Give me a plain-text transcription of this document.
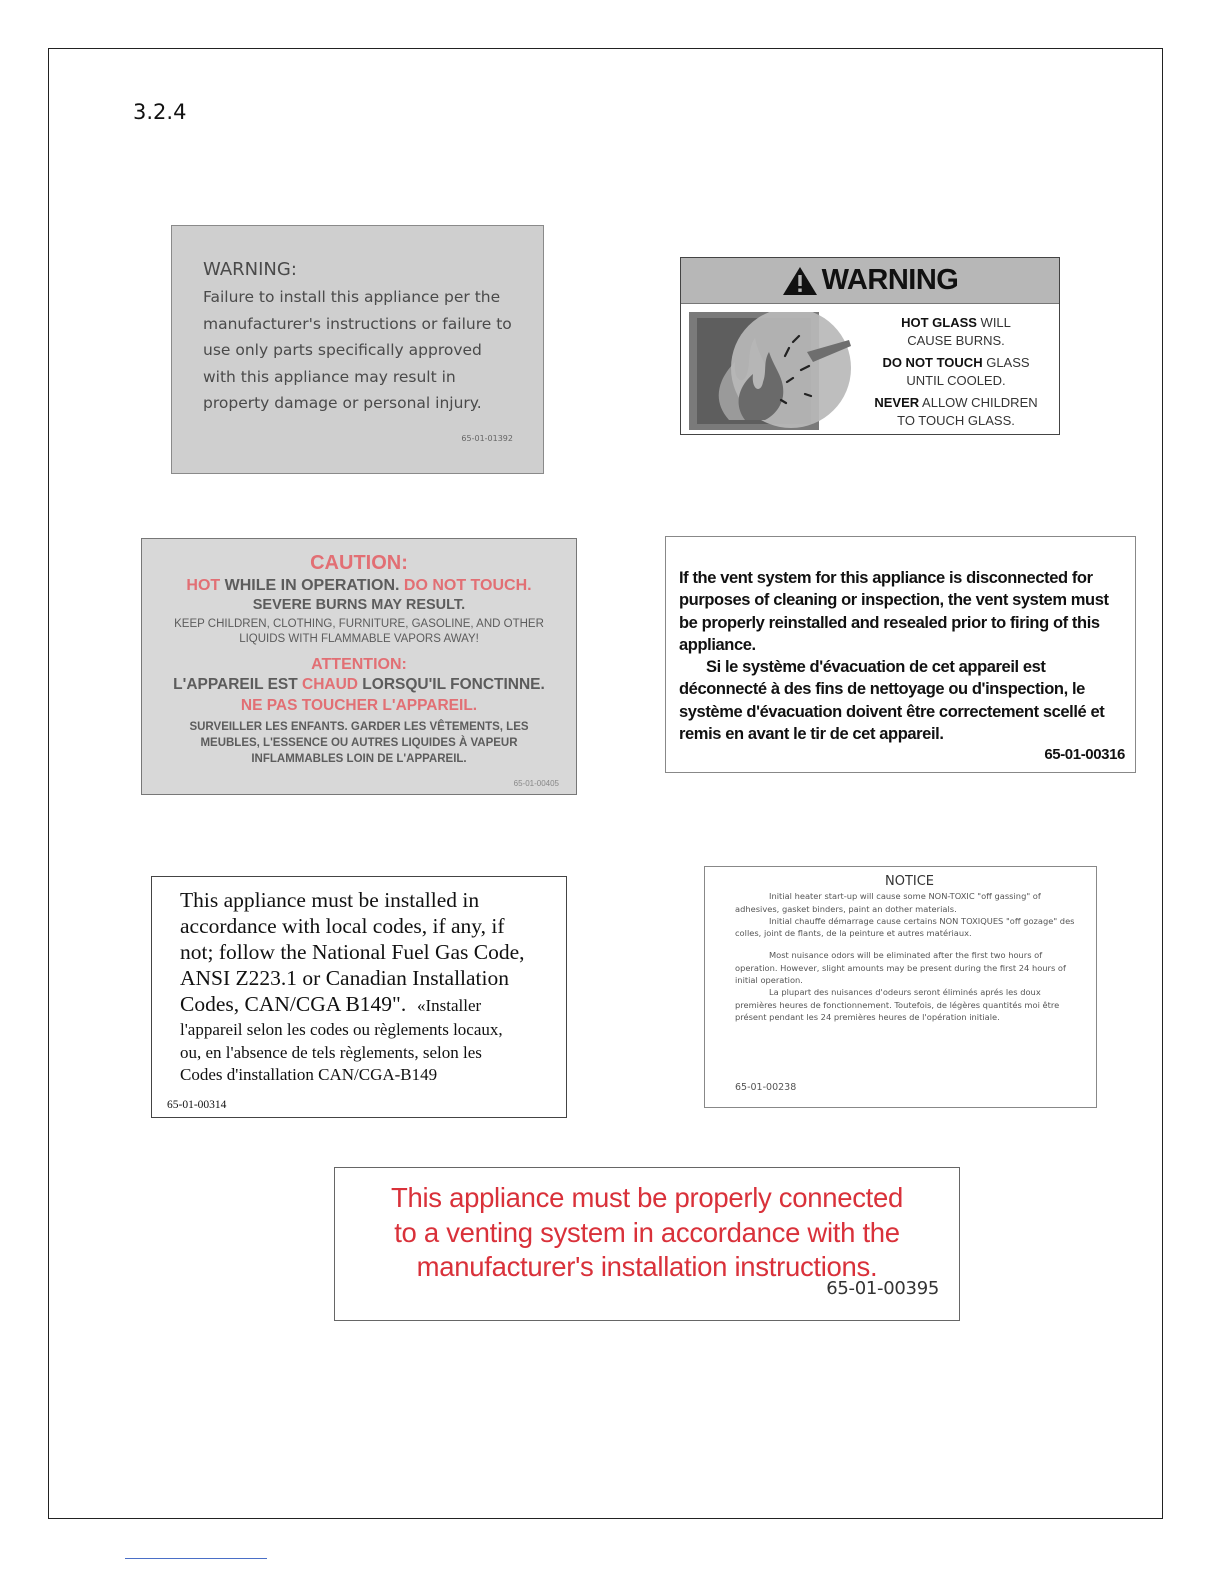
3.2.4
WARNING:
Failure to install this appliance per the
manufacturer's instructions or failure to
use only parts specifically approved
with this appliance may result in
property damage or personal injury.
65-01-01392
WARNING
HOT GLASS WILL
CAUSE BURNS.
DO NOT TOUCH GLASS
UNTIL COOLED.
NEVER ALLOW CHILDREN
TO TOUCH GLASS.
CAUTION:
HOT WHILE IN OPERATION. DO NOT TOUCH.
SEVERE BURNS MAY RESULT.
KEEP CHILDREN, CLOTHING, FURNITURE, GASOLINE, AND OTHER
LIQUIDS WITH FLAMMABLE VAPORS AWAY!
ATTENTION:
L'APPAREIL EST CHAUD LORSQU'IL FONCTINNE.
NE PAS TOUCHER L'APPAREIL.
SURVEILLER LES ENFANTS. GARDER LES VÊTEMENTS, LES
MEUBLES, L'ESSENCE OU AUTRES LIQUIDES À VAPEUR
INFLAMMABLES LOIN DE L'APPAREIL.
65-01-00405
If the vent system for this appliance is disconnected for purposes of cleaning or inspection, the vent system must be properly reinstalled and resealed prior to firing of this appliance.
Si le système d'évacuation de cet appareil est déconnecté à des fins de nettoyage ou d'inspection, le système d'évacuation doivent être correctement scellé et remis en avant le tir de cet appareil.
65-01-00316
This appliance must be installed in
accordance with local codes, if any, if
not; follow the National Fuel Gas Code,
ANSI Z223.1 or Canadian Installation
Codes, CAN/CGA B149". «Installer
l'appareil selon les codes ou règlements locaux,
ou, en l'absence de tels règlements, selon les
Codes d'installation CAN/CGA-B149
65-01-00314
NOTICE
Initial heater start-up will cause some NON-TOXIC "off gassing" of adhesives, gasket binders, paint an dother materials.
Initial chauffe démarrage cause certains NON TOXIQUES "off gozage" des colles, joint de flants, de la peinture et autres matériaux.
Most nuisance odors will be eliminated after the first two hours of operation. However, slight amounts may be present during the first 24 hours of initial operation.
La plupart des nuisances d'odeurs seront éliminés aprés les doux premières heures de fonctionnement. Toutefois, de légères quantités moi être présent pendant les 24 premières heures de l'opération initiale.
65-01-00238
This appliance must be properly connected
to a venting system in accordance with the
manufacturer's installation instructions.
65-01-00395
